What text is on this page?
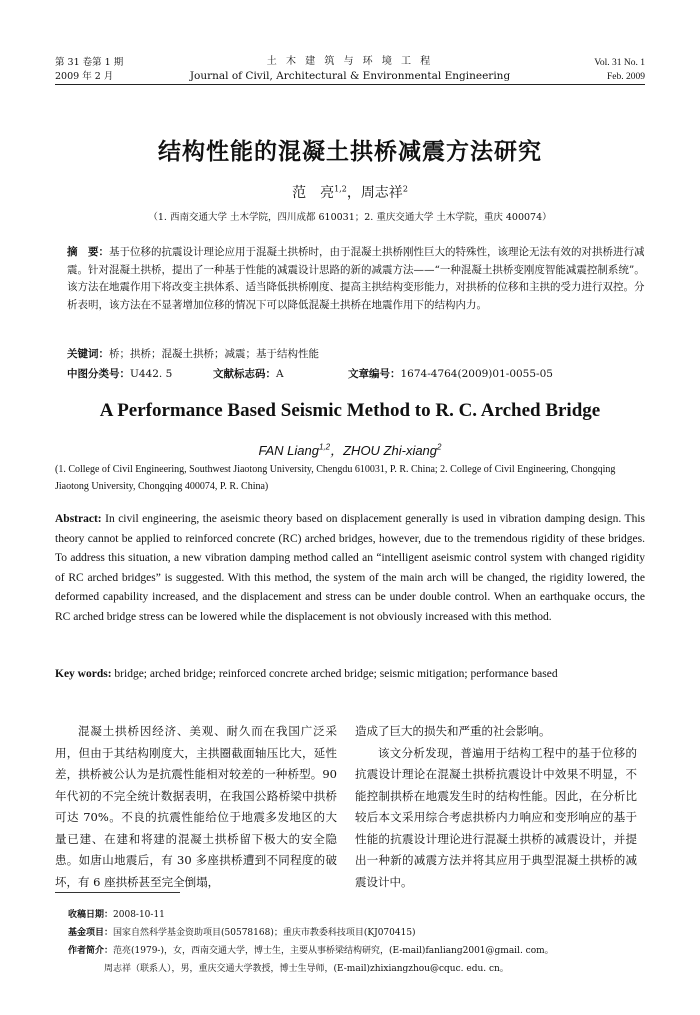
第 31 卷第 1 期
2009 年 2 月
土 木 建 筑 与 环 境 工 程
Journal of Civil, Architectural & Environmental Engineering
Vol. 31 No. 1
Feb. 2009
结构性能的混凝土拱桥减震方法研究
范　亮$^{1,2}$，周志祥$^2$
（1. 西南交通大学 土木学院，四川成都 610031；2. 重庆交通大学 土木学院，重庆 400074）
摘　要：基于位移的抗震设计理论应用于混凝土拱桥时，由于混凝土拱桥刚性巨大的特殊性，该理论无法有效的对拱桥进行减震。针对混凝土拱桥，提出了一种基于性能的减震设计思路的新的减震方法——“一种混凝土拱桥变刚度智能减震控制系统”。该方法在地震作用下将改变主拱体系、适当降低拱桥刚度、提高主拱结构变形能力，对拱桥的位移和主拱的受力进行双控。分析表明，该方法在不显著增加位移的情况下可以降低混凝土拱桥在地震作用下的结构内力。
关键词：桥；拱桥；混凝土拱桥；减震；基于结构性能
中图分类号：U442. 5	文献标志码：A	文章编号：1674-4764(2009)01-0055-05
A Performance Based Seismic Method to R. C. Arched Bridge
FAN Liang$^{1,2}$，ZHOU Zhi-xiang$^2$
(1. College of Civil Engineering, Southwest Jiaotong University, Chengdu 610031, P. R. China; 2. College of Civil Engineering, Chongqing Jiaotong University, Chongqing 400074, P. R. China)
Abstract: In civil engineering, the aseismic theory based on displacement generally is used in vibration damping design. This theory cannot be applied to reinforced concrete (RC) arched bridges, however, due to the tremendous rigidity of these bridges. To address this situation, a new vibration damping method called an “intelligent aseismic control system with changed rigidity of RC arched bridges” is suggested. With this method, the system of the main arch will be changed, the rigidity lowered, the deformed capability increased, and the displacement and stress can be under double control. When an earthquake occurs, the RC arched bridge stress can be lowered while the displacement is not obviously increased with this method.
Key words: bridge; arched bridge; reinforced concrete arched bridge; seismic mitigation; performance based

混凝土拱桥因经济、美观、耐久而在我国广泛采用，但由于其结构刚度大，主拱圈截面轴压比大，延性差，拱桥被公认为是抗震性能相对较差的一种桥型。90 年代初的不完全统计数据表明，在我国公路桥梁中拱桥可达 70%。不良的抗震性能给位于地震多发地区的大量已建、在建和将建的混凝土拱桥留下极大的安全隐患。如唐山地震后，有 30 多座拱桥遭到不同程度的破坏，有 6 座拱桥甚至完全倒塌，

造成了巨大的损失和严重的社会影响。

该文分析发现，普遍用于结构工程中的基于位移的抗震设计理论在混凝土拱桥抗震设计中效果不明显，不能控制拱桥在地震发生时的结构性能。因此，在分析比较后本文采用综合考虑拱桥内力响应和变形响应的基于性能的抗震设计理论进行混凝土拱桥的减震设计，并提出一种新的减震方法并将其应用于典型混凝土拱桥的减震设计中。

收稿日期：2008-10-11
基金项目：国家自然科学基金资助项目(50578168)；重庆市教委科技项目(KJ070415)
作者简介：范亮(1979-)，女，西南交通大学，博士生，主要从事桥梁结构研究，(E-mail)fanliang2001@gmail. com。
周志祥（联系人），男，重庆交通大学教授，博士生导师，(E-mail)zhixiangzhou@cquc. edu. cn。
